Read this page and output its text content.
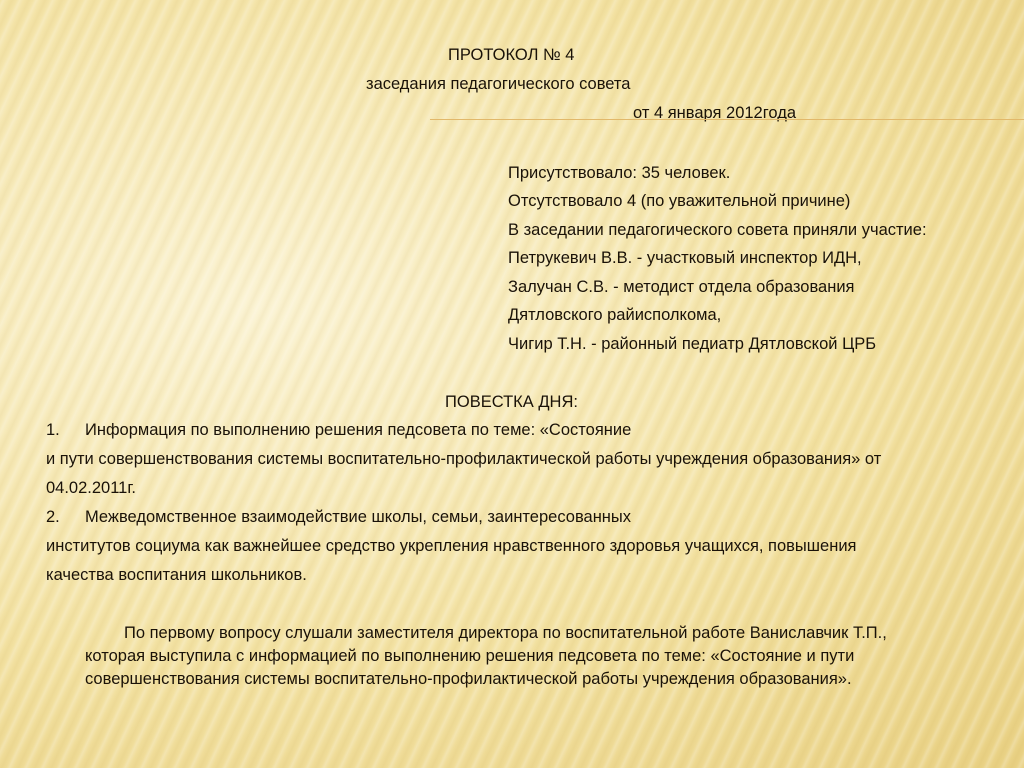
ПРОТОКОЛ № 4
заседания педагогического совета
от 4 января 2012года
Присутствовало: 35 человек.
Отсутствовало 4 (по уважительной причине)
В заседании педагогического совета приняли участие:
Петрукевич В.В. - участковый инспектор ИДН,
Залучан С.В. - методист отдела образования
Дятловского райисполкома,
Чигир Т.Н. - районный педиатр Дятловской ЦРБ
ПОВЕСТКА ДНЯ:
1. Информация по выполнению решения педсовета по теме: «Состояние
и пути совершенствования системы воспитательно-профилактической работы учреждения образования» от
04.02.2011г.
2. Межведомственное взаимодействие школы, семьи, заинтересованных
институтов социума как важнейшее средство укрепления нравственного здоровья учащихся, повышения
качества воспитания школьников.
По первому вопросу слушали заместителя директора по воспитательной работе Ваниславчик Т.П.,
которая выступила с информацией по выполнению решения педсовета по теме: «Состояние и пути
совершенствования системы воспитательно-профилактической работы учреждения образования».
